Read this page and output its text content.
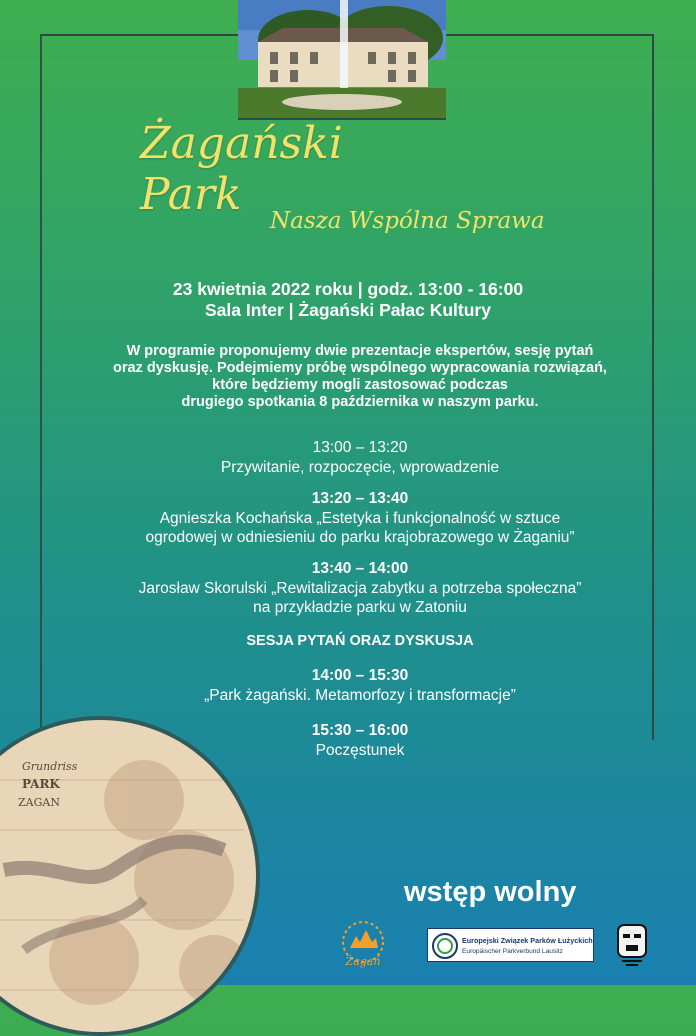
Żagański Park
Nasza Wspólna Sprawa
23 kwietnia 2022 roku | godz. 13:00 - 16:00
Sala Inter | Żagański Pałac Kultury
W programie proponujemy dwie prezentacje ekspertów, sesję pytań
oraz dyskusję. Podejmiemy próbę wspólnego wypracowania rozwiązań,
które będziemy mogli zastosować podczas
drugiego spotkania 8 października w naszym parku.
13:00 – 13:20
Przywitanie, rozpoczęcie, wprowadzenie
13:20 – 13:40
Agnieszka Kochańska „Estetyka i funkcjonalność w sztuce
ogrodowej w odniesieniu do parku krajobrazowego w Żaganiu”
13:40 – 14:00
Jarosław Skorulski „Rewitalizacja zabytku a potrzeba społeczna”
na przykładzie parku w Zatoniu
SESJA PYTAŃ ORAZ DYSKUSJA
14:00 – 15:30
„Park żagański. Metamorfozy i transformacje”
15:30 – 16:00
Poczęstunek
Grundriss
PARK
ZAGAN
wstęp wolny
Żagań
Europejski Związek Parków Łużyckich
Europäischer Parkverbund Lausitz
